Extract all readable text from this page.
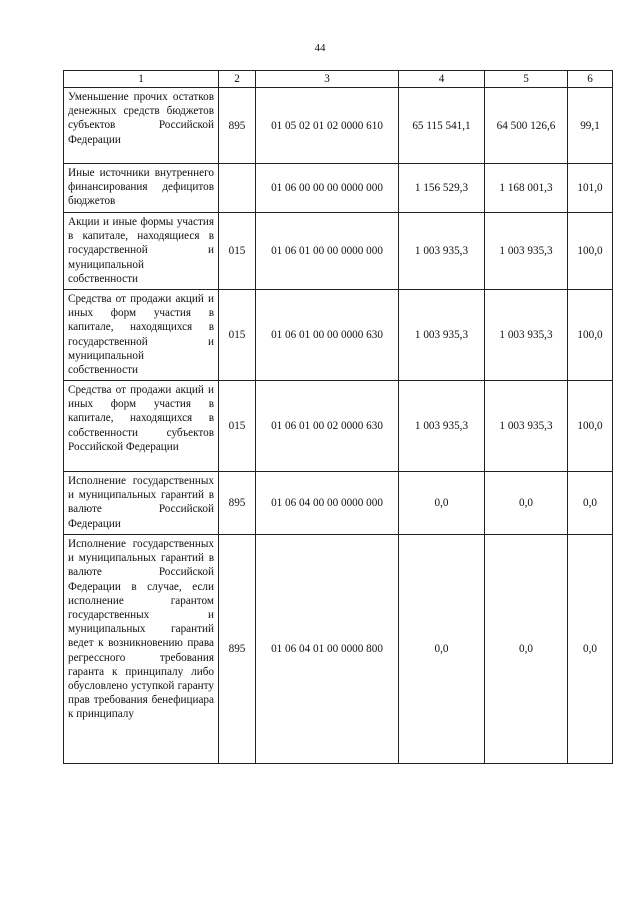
44
1	2	3	4	5	6
Уменьшение прочих остатков денежных средств бюджетов субъектов Российской Федерации	895	01 05 02 01 02 0000 610	65 115 541,1	64 500 126,6	99,1
Иные источники внутреннего финансирования дефицитов бюджетов		01 06 00 00 00 0000 000	1 156 529,3	1 168 001,3	101,0
Акции и иные формы участия в капитале, находящиеся в государственной и муниципальной собственности	015	01 06 01 00 00 0000 000	1 003 935,3	1 003 935,3	100,0
Средства от продажи акций и иных форм участия в капитале, находящихся в государственной и муниципальной собственности	015	01 06 01 00 00 0000 630	1 003 935,3	1 003 935,3	100,0
Средства от продажи акций и иных форм участия в капитале, находящихся в собственности субъектов Российской Федерации	015	01 06 01 00 02 0000 630	1 003 935,3	1 003 935,3	100,0
Исполнение государственных и муниципальных гарантий в валюте Российской Федерации	895	01 06 04 00 00 0000 000	0,0	0,0	0,0
Исполнение государственных и муниципальных гарантий в валюте Российской Федерации в случае, если исполнение гарантом государственных и муниципальных гарантий ведет к возникновению права регрессного требования гаранта к принципалу либо обусловлено уступкой гаранту прав требования бенефициара к принципалу	895	01 06 04 01 00 0000 800	0,0	0,0	0,0
